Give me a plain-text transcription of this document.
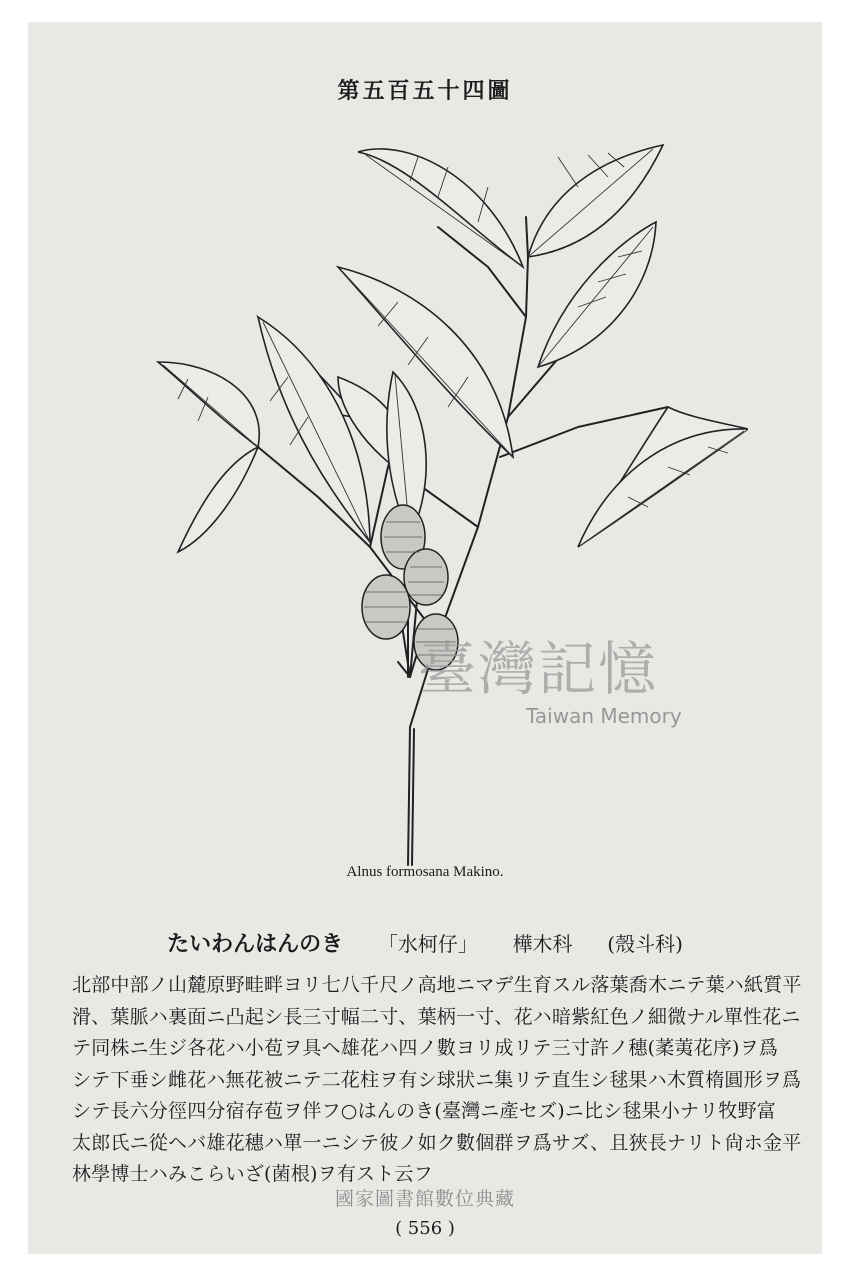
第五百五十四圖
臺灣記憶
Taiwan Memory
Alnus formosana Makino.
たいわんはんのき 「水柯仔」 樺木科 (殼斗科)
北部中部ノ山麓原野畦畔ヨリ七八千尺ノ高地ニマデ生育スル落葉喬木ニテ葉ハ紙質平
滑、葉脈ハ裏面ニ凸起シ長三寸幅二寸、葉柄一寸、花ハ暗紫紅色ノ細微ナル單性花ニ
テ同株ニ生ジ各花ハ小苞ヲ具ヘ雄花ハ四ノ數ヨリ成リテ三寸許ノ穗(葇荑花序)ヲ爲
シテ下垂シ雌花ハ無花被ニテ二花柱ヲ有シ球狀ニ集リテ直生シ毬果ハ木質楕圓形ヲ爲
シテ長六分徑四分宿存苞ヲ伴フ○はんのき(臺灣ニ產セズ)ニ比シ毬果小ナリ牧野富
太郎氏ニ從ヘバ雄花穗ハ單一ニシテ彼ノ如ク數個群ヲ爲サズ、且狹長ナリト尙ホ金平
林學博士ハみこらいざ(菌根)ヲ有スト云フ
國家圖書館數位典藏
( 556 )
